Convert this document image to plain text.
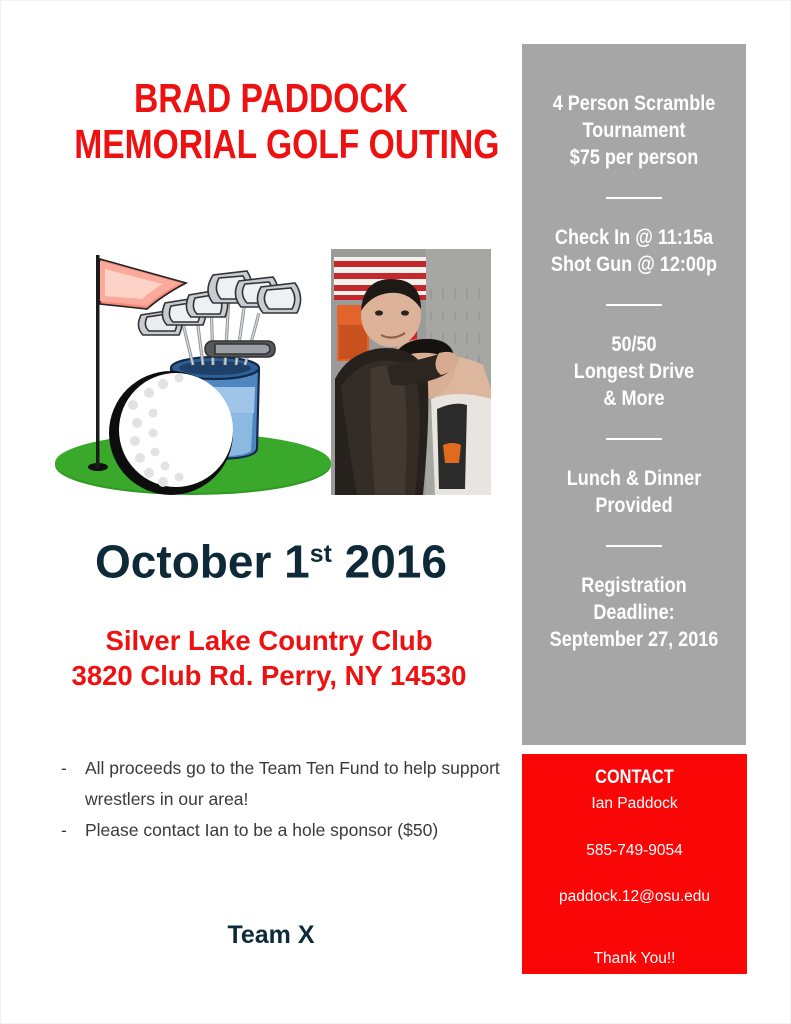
BRAD PADDOCK
MEMORIAL GOLF OUTING
October 1st 2016
Silver Lake Country Club
3820 Club Rd. Perry, NY 14530
-	All proceeds go to the Team Ten Fund to help support wrestlers in our area!
-	Please contact Ian to be a hole sponsor ($50)
Team X
4 Person Scramble
Tournament
$75 per person
Check In @ 11:15a
Shot Gun @ 12:00p
50/50
Longest Drive
& More
Lunch & Dinner
Provided
Registration
Deadline:
September 27, 2016
CONTACT
Ian Paddock
585-749-9054
paddock.12@osu.edu
Thank You!!
